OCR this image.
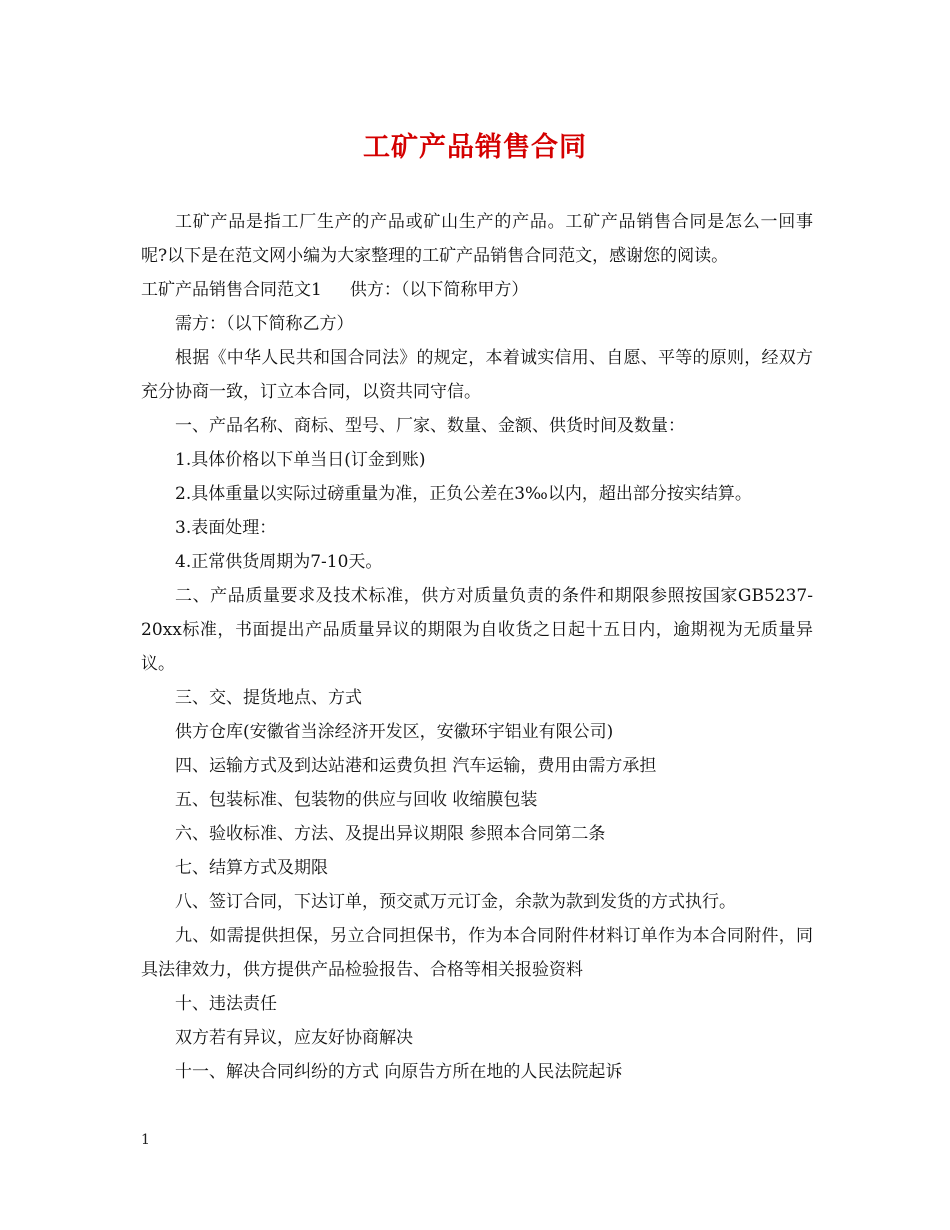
工矿产品销售合同

工矿产品是指工厂生产的产品或矿山生产的产品。工矿产品销售合同是怎么一回事呢?以下是在范文网小编为大家整理的工矿产品销售合同范文，感谢您的阅读。

工矿产品销售合同范文1 供方：（以下简称甲方）

需方：（以下简称乙方）

根据《中华人民共和国合同法》的规定，本着诚实信用、自愿、平等的原则，经双方充分协商一致，订立本合同，以资共同守信。

一、产品名称、商标、型号、厂家、数量、金额、供货时间及数量：

1.具体价格以下单当日(订金到账)

2.具体重量以实际过磅重量为准，正负公差在3‰以内，超出部分按实结算。

3.表面处理：

4.正常供货周期为7-10天。

二、产品质量要求及技术标准，供方对质量负责的条件和期限参照按国家GB5237-20xx标准，书面提出产品质量异议的期限为自收货之日起十五日内，逾期视为无质量异议。

三、交、提货地点、方式

供方仓库(安徽省当涂经济开发区，安徽环宇铝业有限公司)

四、运输方式及到达站港和运费负担 汽车运输，费用由需方承担

五、包装标准、包装物的供应与回收 收缩膜包装

六、验收标准、方法、及提出异议期限 参照本合同第二条

七、结算方式及期限

八、签订合同，下达订单，预交贰万元订金，余款为款到发货的方式执行。

九、如需提供担保，另立合同担保书，作为本合同附件材料订单作为本合同附件，同具法律效力，供方提供产品检验报告、合格等相关报验资料

十、违法责任

双方若有异议，应友好协商解决

十一、解决合同纠纷的方式 向原告方所在地的人民法院起诉

1
